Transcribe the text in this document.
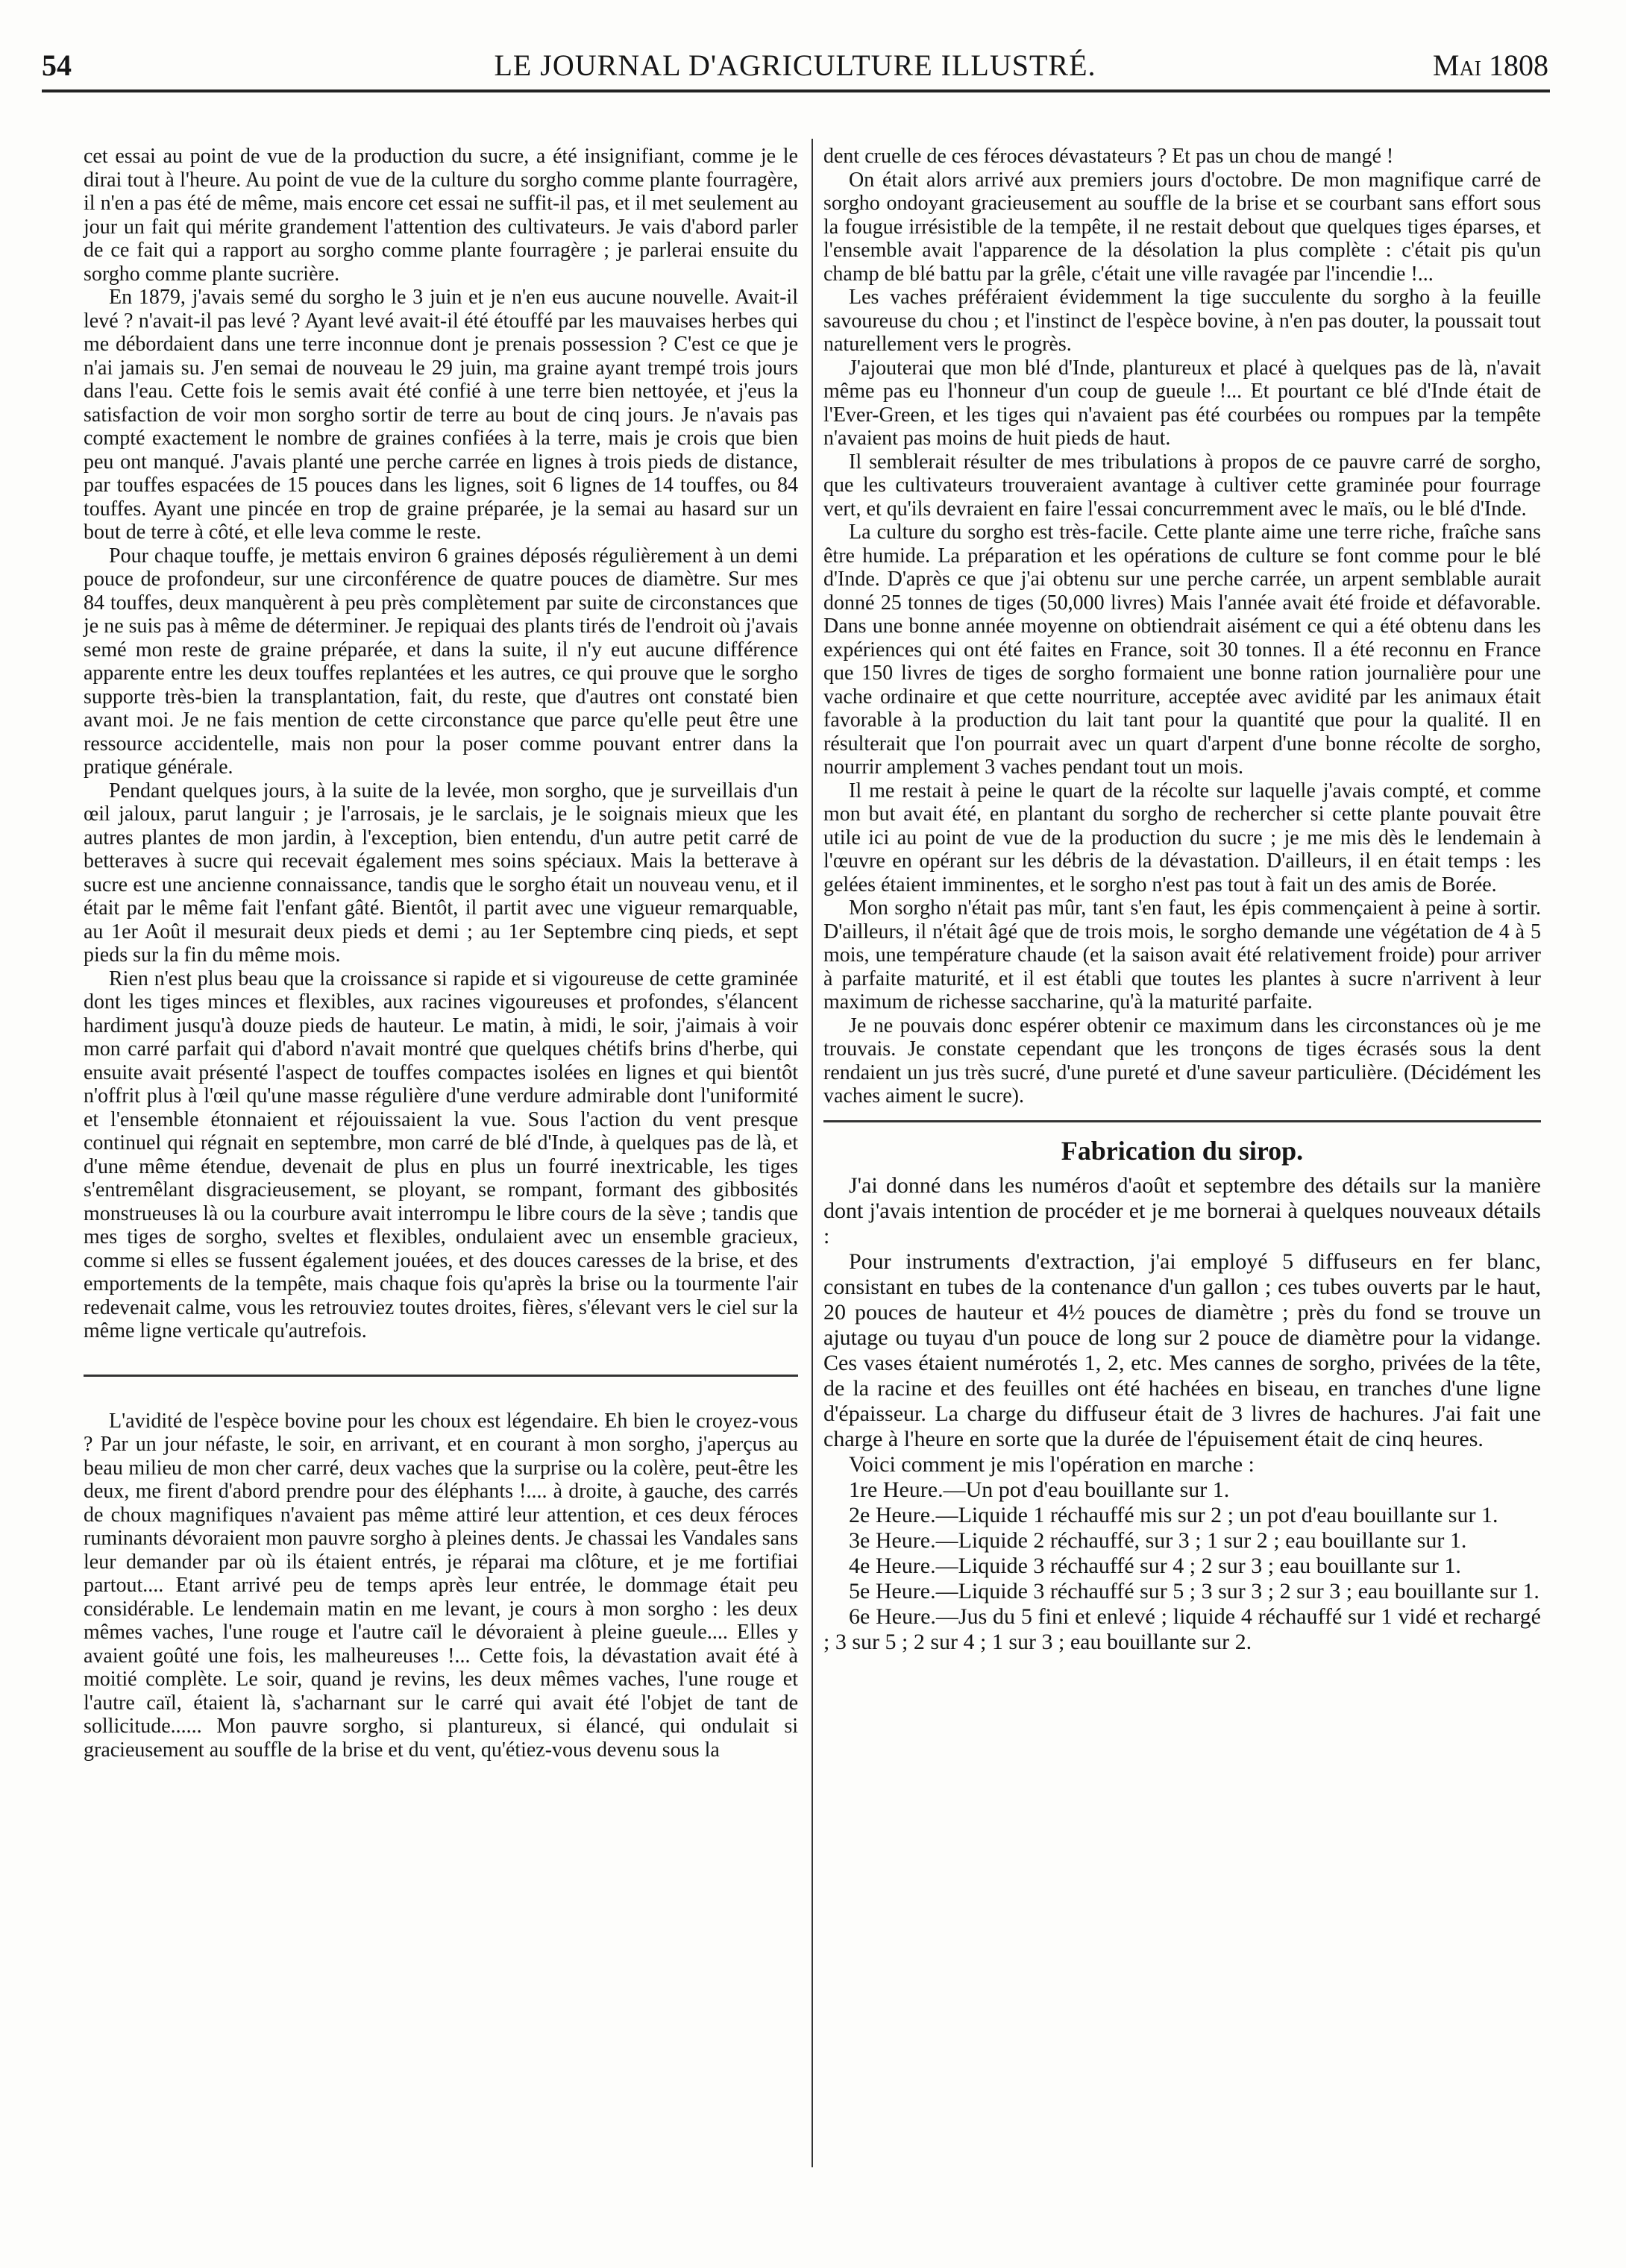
54	LE JOURNAL D'AGRICULTURE ILLUSTRÉ.	Mai 1808

cet essai au point de vue de la production du sucre, a été insignifiant, comme je le dirai tout à l'heure. Au point de vue de la culture du sorgho comme plante fourragère, il n'en a pas été de même, mais encore cet essai ne suffit-il pas, et il met seulement au jour un fait qui mérite grandement l'attention des cultivateurs. Je vais d'abord parler de ce fait qui a rapport au sorgho comme plante fourragère ; je parlerai ensuite du sorgho comme plante sucrière.

En 1879, j'avais semé du sorgho le 3 juin et je n'en eus aucune nouvelle. Avait-il levé ? n'avait-il pas levé ? Ayant levé avait-il été étouffé par les mauvaises herbes qui me débordaient dans une terre inconnue dont je prenais possession ? C'est ce que je n'ai jamais su. J'en semai de nouveau le 29 juin, ma graine ayant trempé trois jours dans l'eau. Cette fois le semis avait été confié à une terre bien nettoyée, et j'eus la satisfaction de voir mon sorgho sortir de terre au bout de cinq jours. Je n'avais pas compté exactement le nombre de graines confiées à la terre, mais je crois que bien peu ont manqué. J'avais planté une perche carrée en lignes à trois pieds de distance, par touffes espacées de 15 pouces dans les lignes, soit 6 lignes de 14 touffes, ou 84 touffes. Ayant une pincée en trop de graine préparée, je la semai au hasard sur un bout de terre à côté, et elle leva comme le reste.

Pour chaque touffe, je mettais environ 6 graines déposés régulièrement à un demi pouce de profondeur, sur une circonférence de quatre pouces de diamètre. Sur mes 84 touffes, deux manquèrent à peu près complètement par suite de circonstances que je ne suis pas à même de déterminer. Je repiquai des plants tirés de l'endroit où j'avais semé mon reste de graine préparée, et dans la suite, il n'y eut aucune différence apparente entre les deux touffes replantées et les autres, ce qui prouve que le sorgho supporte très-bien la transplantation, fait, du reste, que d'autres ont constaté bien avant moi. Je ne fais mention de cette circonstance que parce qu'elle peut être une ressource accidentelle, mais non pour la poser comme pouvant entrer dans la pratique générale.

Pendant quelques jours, à la suite de la levée, mon sorgho, que je surveillais d'un œil jaloux, parut languir ; je l'arrosais, je le sarclais, je le soignais mieux que les autres plantes de mon jardin, à l'exception, bien entendu, d'un autre petit carré de betteraves à sucre qui recevait également mes soins spéciaux. Mais la betterave à sucre est une ancienne connaissance, tandis que le sorgho était un nouveau venu, et il était par le même fait l'enfant gâté. Bientôt, il partit avec une vigueur remarquable, au 1er Août il mesurait deux pieds et demi ; au 1er Septembre cinq pieds, et sept pieds sur la fin du même mois.

Rien n'est plus beau que la croissance si rapide et si vigoureuse de cette graminée dont les tiges minces et flexibles, aux racines vigoureuses et profondes, s'élancent hardiment jusqu'à douze pieds de hauteur. Le matin, à midi, le soir, j'aimais à voir mon carré parfait qui d'abord n'avait montré que quelques chétifs brins d'herbe, qui ensuite avait présenté l'aspect de touffes compactes isolées en lignes et qui bientôt n'offrit plus à l'œil qu'une masse régulière d'une verdure admirable dont l'uniformité et l'ensemble étonnaient et réjouissaient la vue. Sous l'action du vent presque continuel qui régnait en septembre, mon carré de blé d'Inde, à quelques pas de là, et d'une même étendue, devenait de plus en plus un fourré inextricable, les tiges s'entremêlant disgracieusement, se ployant, se rompant, formant des gibbosités monstrueuses là ou la courbure avait interrompu le libre cours de la sève ; tandis que mes tiges de sorgho, sveltes et flexibles, ondulaient avec un ensemble gracieux, comme si elles se fussent également jouées, et des douces caresses de la brise, et des emportements de la tempête, mais chaque fois qu'après la brise ou la tourmente l'air redevenait calme, vous les retrouviez toutes droites, fières, s'élevant vers le ciel sur la même ligne verticale qu'autrefois.

L'avidité de l'espèce bovine pour les choux est légendaire. Eh bien le croyez-vous ? Par un jour néfaste, le soir, en arrivant, et en courant à mon sorgho, j'aperçus au beau milieu de mon cher carré, deux vaches que la surprise ou la colère, peut-être les deux, me firent d'abord prendre pour des éléphants !.... à droite, à gauche, des carrés de choux magnifiques n'avaient pas même attiré leur attention, et ces deux féroces ruminants dévoraient mon pauvre sorgho à pleines dents. Je chassai les Vandales sans leur demander par où ils étaient entrés, je réparai ma clôture, et je me fortifiai partout.... Etant arrivé peu de temps après leur entrée, le dommage était peu considérable. Le lendemain matin en me levant, je cours à mon sorgho : les deux mêmes vaches, l'une rouge et l'autre caïl le dévoraient à pleine gueule.... Elles y avaient goûté une fois, les malheureuses !... Cette fois, la dévastation avait été à moitié complète. Le soir, quand je revins, les deux mêmes vaches, l'une rouge et l'autre caïl, étaient là, s'acharnant sur le carré qui avait été l'objet de tant de sollicitude...... Mon pauvre sorgho, si plantureux, si élancé, qui ondulait si gracieusement au souffle de la brise et du vent, qu'étiez-vous devenu sous la

dent cruelle de ces féroces dévastateurs ? Et pas un chou de mangé !

On était alors arrivé aux premiers jours d'octobre. De mon magnifique carré de sorgho ondoyant gracieusement au souffle de la brise et se courbant sans effort sous la fougue irrésistible de la tempête, il ne restait debout que quelques tiges éparses, et l'ensemble avait l'apparence de la désolation la plus complète : c'était pis qu'un champ de blé battu par la grêle, c'était une ville ravagée par l'incendie !...

Les vaches préféraient évidemment la tige succulente du sorgho à la feuille savoureuse du chou ; et l'instinct de l'espèce bovine, à n'en pas douter, la poussait tout naturellement vers le progrès.

J'ajouterai que mon blé d'Inde, plantureux et placé à quelques pas de là, n'avait même pas eu l'honneur d'un coup de gueule !... Et pourtant ce blé d'Inde était de l'Ever-Green, et les tiges qui n'avaient pas été courbées ou rompues par la tempête n'avaient pas moins de huit pieds de haut.

Il semblerait résulter de mes tribulations à propos de ce pauvre carré de sorgho, que les cultivateurs trouveraient avantage à cultiver cette graminée pour fourrage vert, et qu'ils devraient en faire l'essai concurremment avec le maïs, ou le blé d'Inde.

La culture du sorgho est très-facile. Cette plante aime une terre riche, fraîche sans être humide. La préparation et les opérations de culture se font comme pour le blé d'Inde. D'après ce que j'ai obtenu sur une perche carrée, un arpent semblable aurait donné 25 tonnes de tiges (50,000 livres) Mais l'année avait été froide et défavorable. Dans une bonne année moyenne on obtiendrait aisément ce qui a été obtenu dans les expériences qui ont été faites en France, soit 30 tonnes. Il a été reconnu en France que 150 livres de tiges de sorgho formaient une bonne ration journalière pour une vache ordinaire et que cette nourriture, acceptée avec avidité par les animaux était favorable à la production du lait tant pour la quantité que pour la qualité. Il en résulterait que l'on pourrait avec un quart d'arpent d'une bonne récolte de sorgho, nourrir amplement 3 vaches pendant tout un mois.

Il me restait à peine le quart de la récolte sur laquelle j'avais compté, et comme mon but avait été, en plantant du sorgho de rechercher si cette plante pouvait être utile ici au point de vue de la production du sucre ; je me mis dès le lendemain à l'œuvre en opérant sur les débris de la dévastation. D'ailleurs, il en était temps : les gelées étaient imminentes, et le sorgho n'est pas tout à fait un des amis de Borée.

Mon sorgho n'était pas mûr, tant s'en faut, les épis commençaient à peine à sortir. D'ailleurs, il n'était âgé que de trois mois, le sorgho demande une végétation de 4 à 5 mois, une température chaude (et la saison avait été relativement froide) pour arriver à parfaite maturité, et il est établi que toutes les plantes à sucre n'arrivent à leur maximum de richesse saccharine, qu'à la maturité parfaite.

Je ne pouvais donc espérer obtenir ce maximum dans les circonstances où je me trouvais. Je constate cependant que les tronçons de tiges écrasés sous la dent rendaient un jus très sucré, d'une pureté et d'une saveur particulière. (Décidément les vaches aiment le sucre).

Fabrication du sirop.

J'ai donné dans les numéros d'août et septembre des détails sur la manière dont j'avais intention de procéder et je me bornerai à quelques nouveaux détails :

Pour instruments d'extraction, j'ai employé 5 diffuseurs en fer blanc, consistant en tubes de la contenance d'un gallon ; ces tubes ouverts par le haut, 20 pouces de hauteur et 4½ pouces de diamètre ; près du fond se trouve un ajutage ou tuyau d'un pouce de long sur 2 pouce de diamètre pour la vidange. Ces vases étaient numérotés 1, 2, etc. Mes cannes de sorgho, privées de la tête, de la racine et des feuilles ont été hachées en biseau, en tranches d'une ligne d'épaisseur. La charge du diffuseur était de 3 livres de hachures. J'ai fait une charge à l'heure en sorte que la durée de l'épuisement était de cinq heures.

Voici comment je mis l'opération en marche :

1re Heure.—Un pot d'eau bouillante sur 1.

2e Heure.—Liquide 1 réchauffé mis sur 2 ; un pot d'eau bouillante sur 1.

3e Heure.—Liquide 2 réchauffé, sur 3 ; 1 sur 2 ; eau bouillante sur 1.

4e Heure.—Liquide 3 réchauffé sur 4 ; 2 sur 3 ; eau bouillante sur 1.

5e Heure.—Liquide 3 réchauffé sur 5 ; 3 sur 3 ; 2 sur 3 ; eau bouillante sur 1.

6e Heure.—Jus du 5 fini et enlevé ; liquide 4 réchauffé sur 1 vidé et rechargé ; 3 sur 5 ; 2 sur 4 ; 1 sur 3 ; eau bouillante sur 2.
